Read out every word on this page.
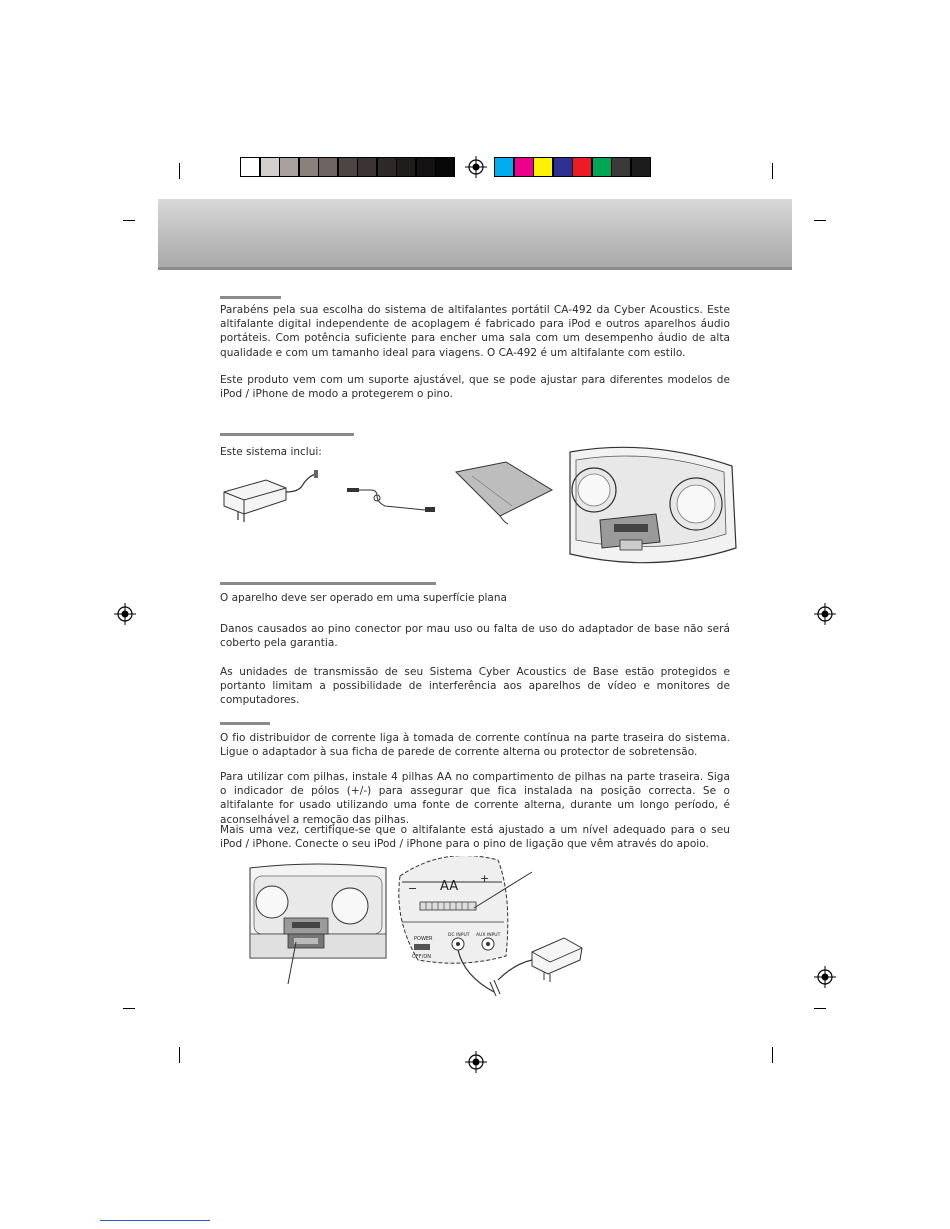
Parabéns pela sua escolha do sistema de altifalantes portátil CA-492 da Cyber Acoustics. Este altifalante digital independente de acoplagem é fabricado para iPod e outros aparelhos áudio portáteis. Com potência suficiente para encher uma sala com um desempenho áudio de alta qualidade e com um tamanho ideal para viagens. O CA-492 é um altifalante com estilo.
Este produto vem com um suporte ajustável, que se pode ajustar para diferentes modelos de iPod / iPhone de modo a protegerem o pino.
Este sistema inclui:
O aparelho deve ser operado em uma superfície plana
Danos causados ao pino conector por mau uso ou falta de uso do adaptador de base não será coberto pela garantia.
As unidades de transmissão de seu Sistema Cyber Acoustics de Base estão protegidos e portanto limitam a possibilidade de interferência aos aparelhos de vídeo e monitores de computadores.
O fio distribuidor de corrente liga à tomada de corrente contínua na parte traseira do sistema. Ligue o adaptador à sua ficha de parede de corrente alterna ou protector de sobretensão.
Para utilizar com pilhas, instale 4 pilhas AA no compartimento de pilhas na parte traseira. Siga o indicador de pólos (+/-) para assegurar que fica instalada na posição correcta. Se o altifalante for usado utilizando uma fonte de corrente alterna, durante um longo período, é aconselhável a remoção das pilhas.
Mais uma vez, certifique-se que o altifalante está ajustado a um nível adequado para o seu iPod / iPhone. Conecte o seu iPod / iPhone para o pino de ligação que vêm através do apoio.
AA
−
+
POWER
OFF/ON
DC INPUT AUX INPUT
